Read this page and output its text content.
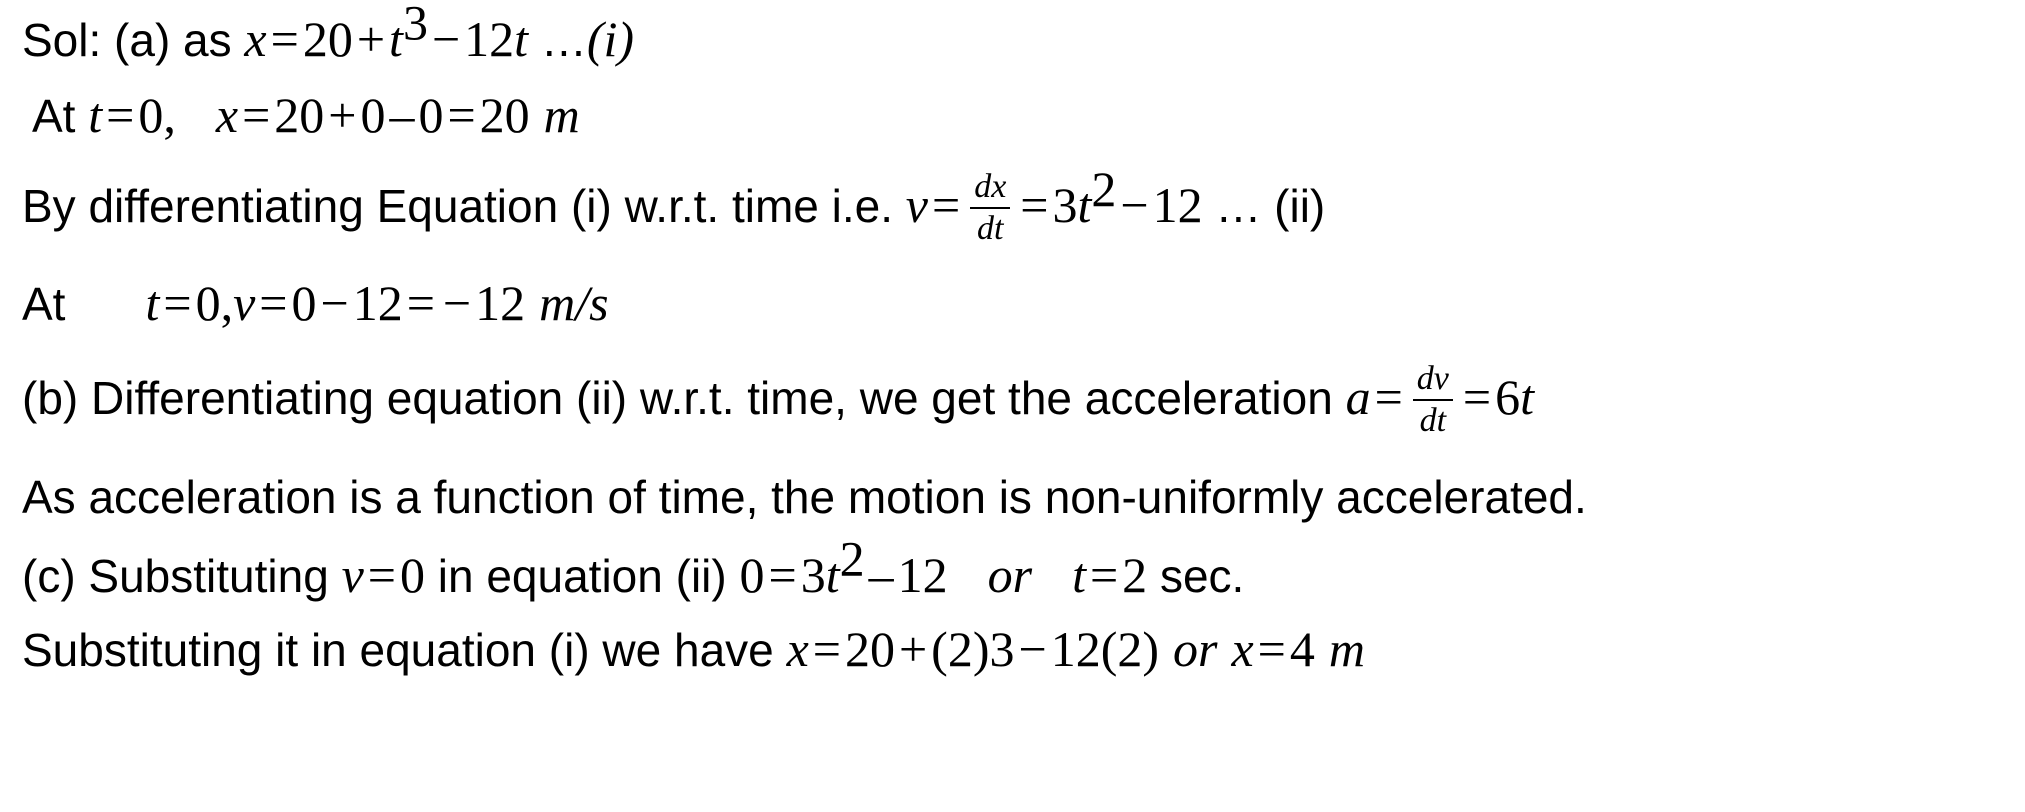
Sol: (a) as $x=20+t^3-12t$ …(i)
At t=0, x=20+0–0=20 m
By differentiating Equation (i) w.r.t. time i.e. $v= \frac{dx}{dt} =3t^2-12$ … (ii)
At t=0,v=0−12= −12 m/s
(b) Differentiating equation (ii) w.r.t. time, we get the acceleration $a= \frac{dv}{dt} =6t$
As acceleration is a function of time, the motion is non-uniformly accelerated.
(c) Substituting v=0 in equation (ii) $0=3t^2-12$ or t=2 sec.
Substituting it in equation (i) we have x=20+(2)3−12(2) or x=4 m
